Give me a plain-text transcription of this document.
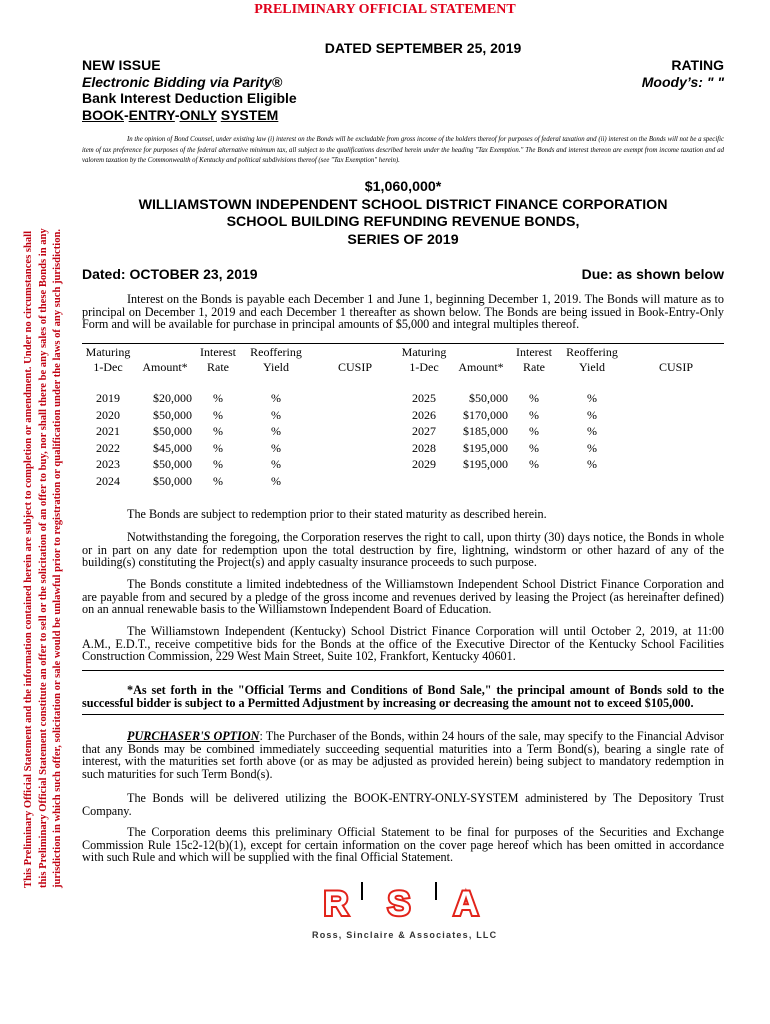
PRELIMINARY OFFICIAL STATEMENT
This Preliminary Official Statement and the information contained herein are subject to completion or amendment. Under no circumstances shall this Preliminary Official Statement constitute an offer to sell or the solicitation of an offer to buy, nor shall there be any sales of these Bonds in any jurisdiction in which such offer, solicitation or sale would be unlawful prior to registration or qualification under the laws of any such jurisdiction.
DATED SEPTEMBER 25, 2019
NEW ISSUE
Electronic Bidding via Parity®
Bank Interest Deduction Eligible
BOOK-ENTRY-ONLY SYSTEM
RATING
Moody’s: " "
In the opinion of Bond Counsel, under existing law (i) interest on the Bonds will be excludable from gross income of the holders thereof for purposes of federal taxation and (ii) interest on the Bonds will not be a specific item of tax preference for purposes of the federal alternative minimum tax, all subject to the qualifications described herein under the heading "Tax Exemption." The Bonds and interest thereon are exempt from income taxation and ad valorem taxation by the Commonwealth of Kentucky and political subdivisions thereof (see "Tax Exemption" herein).
$1,060,000*
WILLIAMSTOWN INDEPENDENT SCHOOL DISTRICT FINANCE CORPORATION
SCHOOL BUILDING REFUNDING REVENUE BONDS,
SERIES OF 2019
Dated: OCTOBER 23, 2019	Due: as shown below
Interest on the Bonds is payable each December 1 and June 1, beginning December 1, 2019. The Bonds will mature as to principal on December 1, 2019 and each December 1 thereafter as shown below. The Bonds are being issued in Book-Entry-Only Form and will be available for purchase in principal amounts of $5,000 and integral multiples thereof.
Maturing		Interest	Reoffering		Maturing		Interest	Reoffering	
1-Dec	Amount*	Rate	Yield	CUSIP	1-Dec	Amount*	Rate	Yield	CUSIP

2019	$20,000	%	%		2025	$50,000	%	%	
2020	$50,000	%	%		2026	$170,000	%	%	
2021	$50,000	%	%		2027	$185,000	%	%	
2022	$45,000	%	%		2028	$195,000	%	%	
2023	$50,000	%	%		2029	$195,000	%	%	
2024	$50,000	%	%						
The Bonds are subject to redemption prior to their stated maturity as described herein.
Notwithstanding the foregoing, the Corporation reserves the right to call, upon thirty (30) days notice, the Bonds in whole or in part on any date for redemption upon the total destruction by fire, lightning, windstorm or other hazard of any of the building(s) constituting the Project(s) and apply casualty insurance proceeds to such purpose.
The Bonds constitute a limited indebtedness of the Williamstown Independent School District Finance Corporation and are payable from and secured by a pledge of the gross income and revenues derived by leasing the Project (as hereinafter defined) on an annual renewable basis to the Williamstown Independent Board of Education.
The Williamstown Independent (Kentucky) School District Finance Corporation will until October 2, 2019, at 11:00 A.M., E.D.T., receive competitive bids for the Bonds at the office of the Executive Director of the Kentucky School Facilities Construction Commission, 229 West Main Street, Suite 102, Frankfort, Kentucky 40601.
*As set forth in the "Official Terms and Conditions of Bond Sale," the principal amount of Bonds sold to the successful bidder is subject to a Permitted Adjustment by increasing or decreasing the amount not to exceed $105,000.
PURCHASER'S OPTION: The Purchaser of the Bonds, within 24 hours of the sale, may specify to the Financial Advisor that any Bonds may be combined immediately succeeding sequential maturities into a Term Bond(s), bearing a single rate of interest, with the maturities set forth above (or as may be adjusted as provided herein) being subject to mandatory redemption in such maturities for such Term Bond(s).
The Bonds will be delivered utilizing the BOOK-ENTRY-ONLY-SYSTEM administered by The Depository Trust Company.
The Corporation deems this preliminary Official Statement to be final for purposes of the Securities and Exchange Commission Rule 15c2-12(b)(1), except for certain information on the cover page hereof which has been omitted in accordance with such Rule and which will be supplied with the final Official Statement.
R S A
Ross, Sinclaire & Associates, LLC
